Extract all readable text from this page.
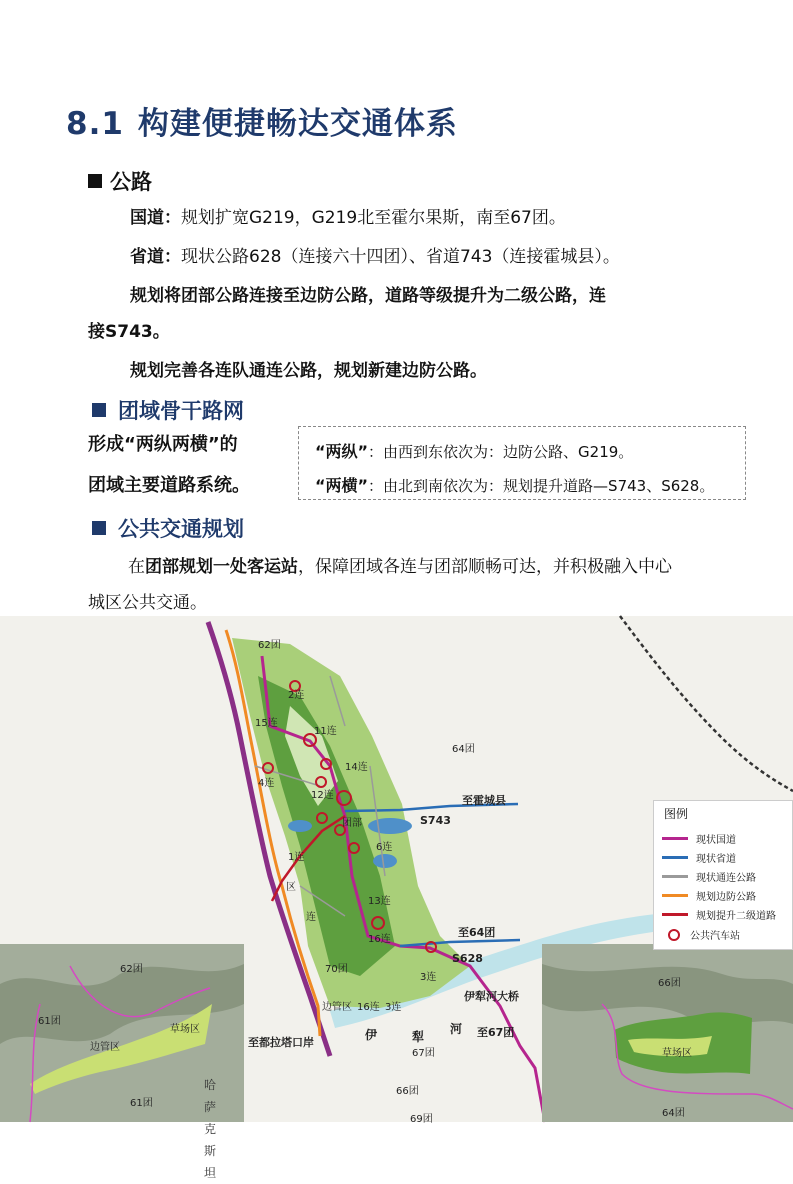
8.1 构建便捷畅达交通体系
公路
国道：规划扩宽G219，G219北至霍尔果斯，南至67团。
省道：现状公路628（连接六十四团）、省道743（连接霍城县）。
规划将团部公路连接至边防公路，道路等级提升为二级公路，连
接S743。
规划完善各连队通连公路，规划新建边防公路。
团域骨干路网
形成“两纵两横”的
团域主要道路系统。
“两纵”：由西到东依次为：边防公路、G219。
“两横”：由北到南依次为：规划提升道路—S743、S628。
公共交通规划
在团部规划一处客运站，保障团域各连与团部顺畅可达，并积极融入中心
城区公共交通。
62团
2连
15连
11连
4连
14连
12连
64团
至霍城县
S743
团部
6连
1连
区
连
13连
16连
至64团
S628
70团
3连
伊犁河大桥
边管区 16连 3连
伊	犁
河 至67团
67团
至都拉塔口岸
66团
69团
62团
61团
草场区
边管区
61团
66团
草场区
64团
哈萨克斯坦
图例
现状国道
现状省道
现状通连公路
规划边防公路
规划提升二级道路
公共汽车站
